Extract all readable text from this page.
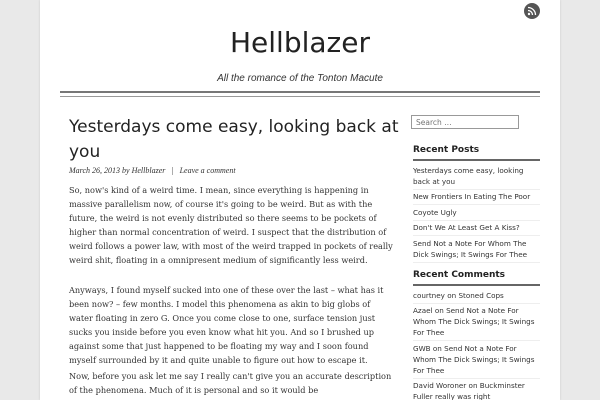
Hellblazer
All the romance of the Tonton Macute
Yesterdays come easy, looking back at you
March 26, 2013 by Hellblazer | Leave a comment

So, now's kind of a weird time. I mean, since everything is happening in massive parallelism now, of course it's going to be weird. But as with the future, the weird is not evenly distributed so there seems to be pockets of higher than normal concentration of weird. I suspect that the distribution of weird follows a power law, with most of the weird trapped in pockets of really weird shit, floating in a omnipresent medium of significantly less weird.

Anyways, I found myself sucked into one of these over the last – what has it been now? – few months. I model this phenomena as akin to big globs of water floating in zero G. Once you come close to one, surface tension just sucks you inside before you even know what hit you. And so I brushed up against some that just happened to be floating my way and I soon found myself surrounded by it and quite unable to figure out how to escape it.

Now, before you ask let me say I really can't give you an accurate description of the phenomena. Much of it is personal and so it would be

Search …
Recent Posts
Yesterdays come easy, looking back at you
New Frontiers In Eating The Poor
Coyote Ugly
Don't We At Least Get A Kiss?
Send Not a Note For Whom The Dick Swings; It Swings For Thee
Recent Comments
courtney on Stoned Cops
Azael on Send Not a Note For Whom The Dick Swings; It Swings For Thee
GWB on Send Not a Note For Whom The Dick Swings; It Swings For Thee
David Woroner on Buckminster Fuller really was right
